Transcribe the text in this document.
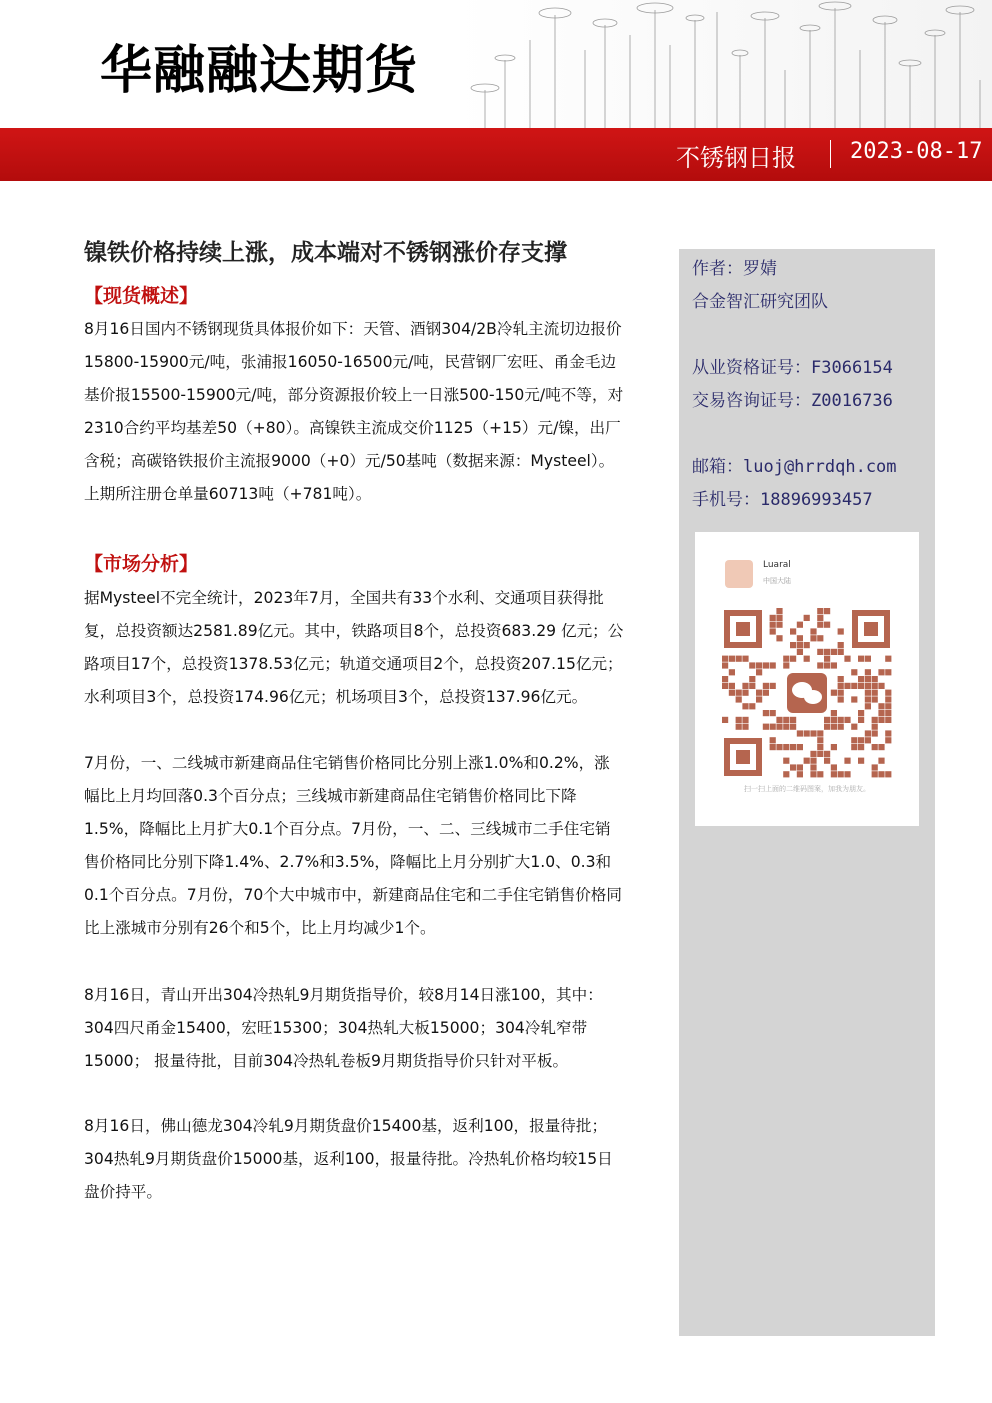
华融融达期货
不锈钢日报 2023-08-17
镍铁价格持续上涨，成本端对不锈钢涨价存支撑
作者：罗婧
合金智汇研究团队
从业资格证号：F3066154
交易咨询证号：Z0016736
邮箱：luoj@hrrdqh.com
手机号：18896993457
Luaral
中国大陆
扫一扫上面的二维码图案，加我为朋友。
【现货概述】
8月16日国内不锈钢现货具体报价如下：天管、酒钢304/2B冷轧主流切边报价15800-15900元/吨，张浦报16050-16500元/吨，民营钢厂宏旺、甬金毛边基价报15500-15900元/吨，部分资源报价较上一日涨500-150元/吨不等，对2310合约平均基差50（+80）。高镍铁主流成交价1125（+15）元/镍，出厂含税；高碳铬铁报价主流报9000（+0）元/50基吨（数据来源：Mysteel）。上期所注册仓单量60713吨（+781吨）。
【市场分析】
据Mysteel不完全统计，2023年7月，全国共有33个水利、交通项目获得批复，总投资额达2581.89亿元。其中，铁路项目8个，总投资683.29 亿元；公路项目17个，总投资1378.53亿元；轨道交通项目2个，总投资207.15亿元；水利项目3个，总投资174.96亿元；机场项目3个，总投资137.96亿元。
7月份，一、二线城市新建商品住宅销售价格同比分别上涨1.0%和0.2%，涨幅比上月均回落0.3个百分点；三线城市新建商品住宅销售价格同比下降1.5%，降幅比上月扩大0.1个百分点。7月份，一、二、三线城市二手住宅销售价格同比分别下降1.4%、2.7%和3.5%，降幅比上月分别扩大1.0、0.3和0.1个百分点。7月份，70个大中城市中，新建商品住宅和二手住宅销售价格同比上涨城市分别有26个和5个，比上月均减少1个。
8月16日，青山开出304冷热轧9月期货指导价，较8月14日涨100，其中： 304四尺甬金15400，宏旺15300；304热轧大板15000；304冷轧窄带15000； 报量待批，目前304冷热轧卷板9月期货指导价只针对平板。
8月16日，佛山德龙304冷轧9月期货盘价15400基，返利100，报量待批；304热轧9月期货盘价15000基，返利100，报量待批。冷热轧价格均较15日盘价持平。
